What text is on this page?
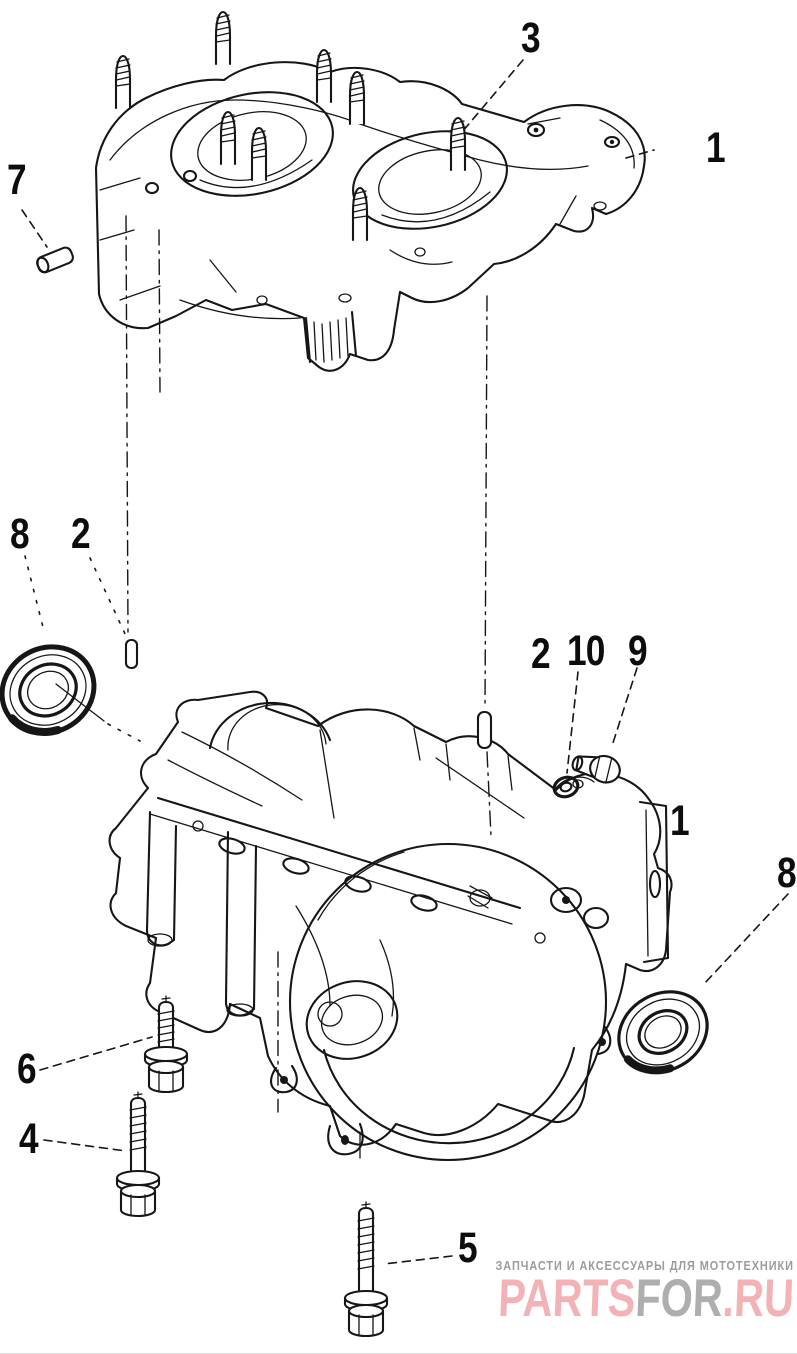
3
1
7
8 2
2 10 9
1
8
6
4
5	ЗАПЧАСТИ И АКСЕССУАРЫ ДЛЯ МОТОТЕХНИКИ
PARTSFOR.RU
